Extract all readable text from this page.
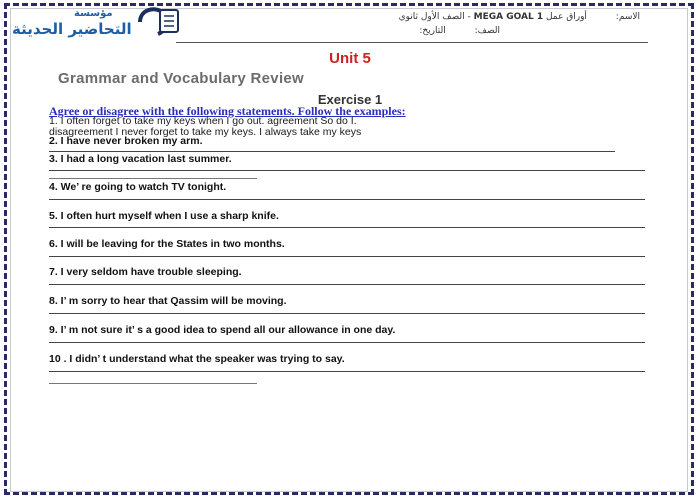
مؤسسة
التحاضير الحديثة
الاسم: أوراق عمل MEGA GOAL 1 - الصف الأول ثانوي
الصف: التاريخ:
Unit 5
Grammar and Vocabulary Review
Exercise 1
Agree or disagree with the following statements. Follow the examples:
1. I often forget to take my keys when I go out. agreement So do I.
disagreement I never forget to take my keys. I always take my keys
2. I have never broken my arm.
3. I had a long vacation last summer.
4. We’ re going to watch TV tonight.
5. I often hurt myself when I use a sharp knife.
6. I will be leaving for the States in two months.
7. I very seldom have trouble sleeping.
8. I’ m sorry to hear that Qassim will be moving.
9. I’ m not sure it’ s a good idea to spend all our allowance in one day.
10 . I didn’ t understand what the speaker was trying to say.
